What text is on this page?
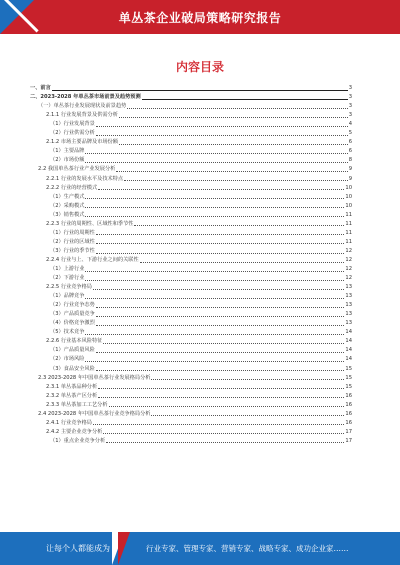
单丛茶企业破局策略研究报告
内容目录
一、前言	3
二、2023-2028 年单丛茶市场前景及趋势预测	3
（一）单丛茶行业发展现状及前景趋势	3
2.1.1 行业发展背景及供需分析	3
（1）行业发展背景	4
（2）行业供需分析	5
2.1.2 市场主要品牌及市场份额	6
（1）主要品牌	6
（2）市场份额	8
2.2 我国单丛茶行业产业发展分析	9
2.2.1 行业的发展水平及技术特点	9
2.2.2 行业的经营模式	10
（1）生产模式	10
（2）采购模式	10
（3）销售模式	11
2.2.3 行业的周期性、区域性和季节性	11
（1）行业的周期性	11
（2）行业的区域性	11
（3）行业的季节性	12
2.2.4 行业与上、下游行业之间的关联性	12
（1）上游行业	12
（2）下游行业	12
2.2.5 行业竞争格局	13
（1）品牌竞争	13
（2）行业竞争态势	13
（3）产品质量竞争	13
（4）价格竞争激烈	13
（5）技术竞争	14
2.2.6 行业基本风险特征	14
（1）产品质量风险	14
（2）市场风险	14
（3）食品安全风险	15
2.3 2023-2028 年中国单丛茶行业发展格局分析	15
2.3.1 单丛茶品种分析	15
2.3.2 单丛茶产区分析	16
2.3.3 单丛茶加工工艺分析	16
2.4 2023-2028 年中国单丛茶行业竞争格局分析	16
2.4.1 行业竞争格局	16
2.4.2 主要企业竞争分析	17
（1）重点企业竞争分析	17
让每个人都能成为	行业专家、管理专家、营销专家、战略专家、成功企业家……
